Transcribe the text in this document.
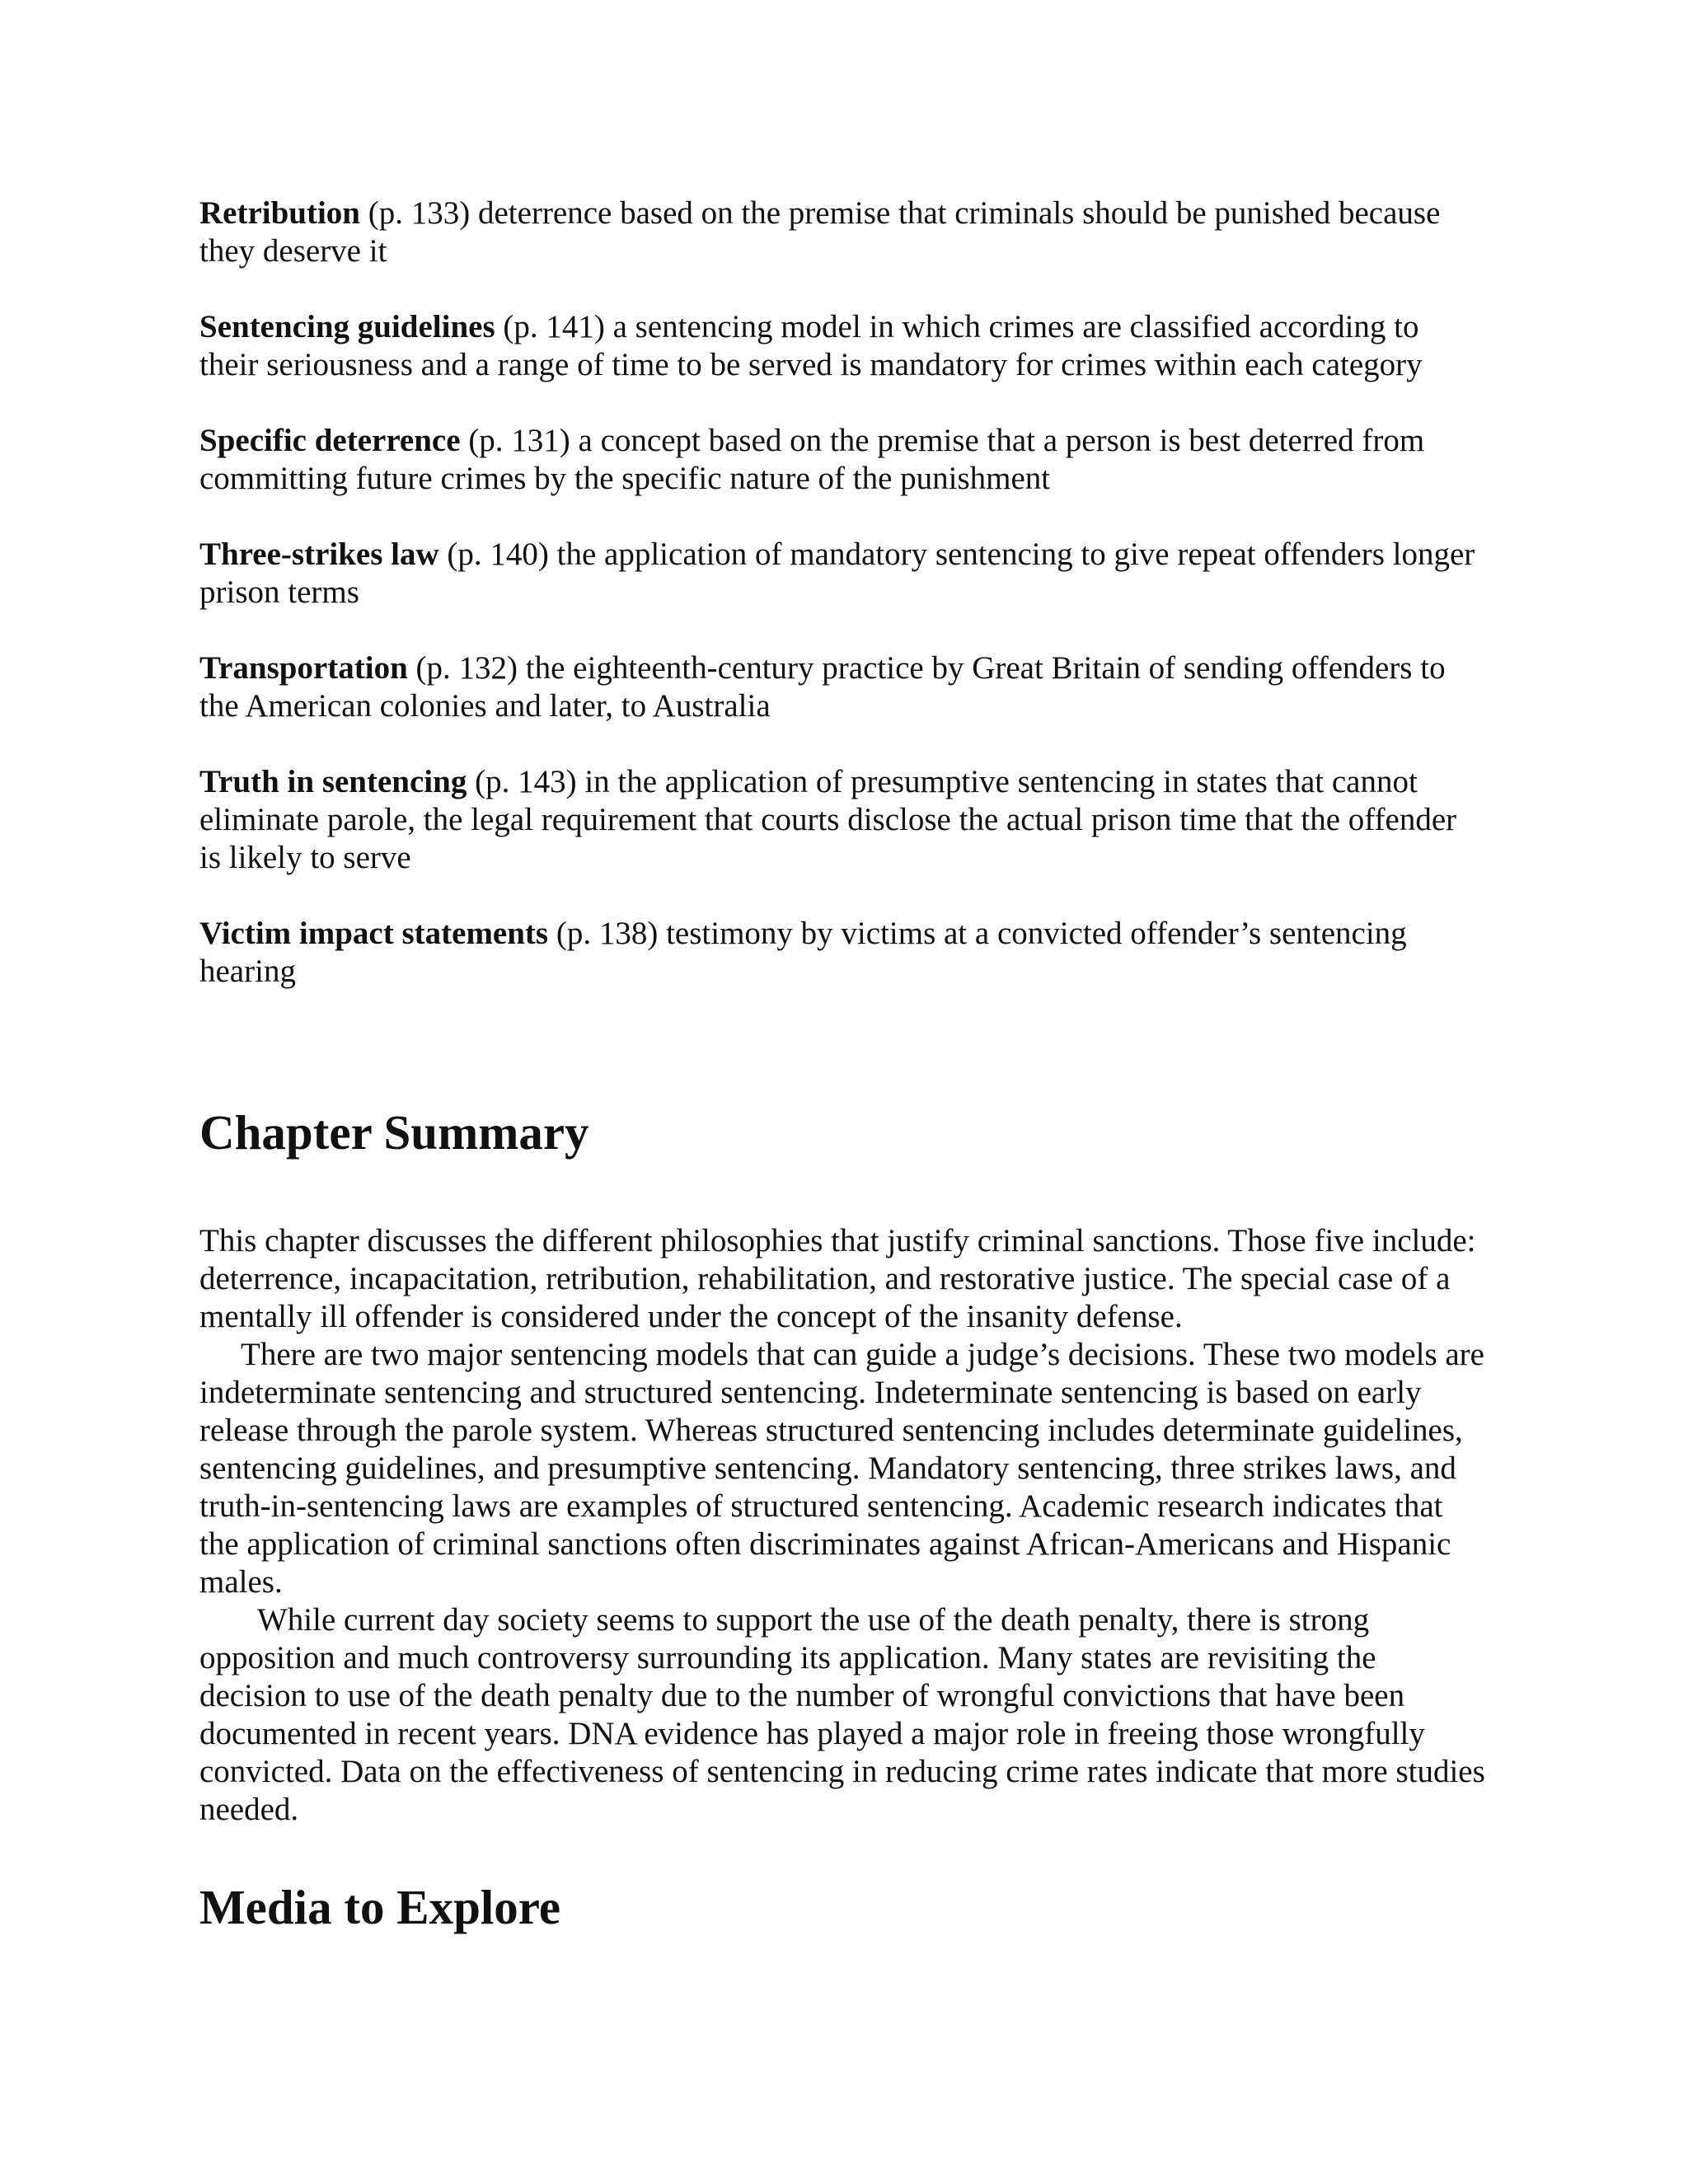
Retribution (p. 133) deterrence based on the premise that criminals should be punished because they deserve it

Sentencing guidelines (p. 141) a sentencing model in which crimes are classified according to their seriousness and a range of time to be served is mandatory for crimes within each category

Specific deterrence (p. 131) a concept based on the premise that a person is best deterred from committing future crimes by the specific nature of the punishment

Three-strikes law (p. 140) the application of mandatory sentencing to give repeat offenders longer prison terms

Transportation (p. 132) the eighteenth-century practice by Great Britain of sending offenders to the American colonies and later, to Australia

Truth in sentencing (p. 143) in the application of presumptive sentencing in states that cannot eliminate parole, the legal requirement that courts disclose the actual prison time that the offender is likely to serve

Victim impact statements (p. 138) testimony by victims at a convicted offender’s sentencing hearing

Chapter Summary

This chapter discusses the different philosophies that justify criminal sanctions. Those five include: deterrence, incapacitation, retribution, rehabilitation, and restorative justice. The special case of a mentally ill offender is considered under the concept of the insanity defense.

There are two major sentencing models that can guide a judge’s decisions. These two models are indeterminate sentencing and structured sentencing. Indeterminate sentencing is based on early release through the parole system. Whereas structured sentencing includes determinate guidelines, sentencing guidelines, and presumptive sentencing. Mandatory sentencing, three strikes laws, and truth-in-sentencing laws are examples of structured sentencing. Academic research indicates that the application of criminal sanctions often discriminates against African-Americans and Hispanic males.

While current day society seems to support the use of the death penalty, there is strong opposition and much controversy surrounding its application. Many states are revisiting the decision to use of the death penalty due to the number of wrongful convictions that have been documented in recent years. DNA evidence has played a major role in freeing those wrongfully convicted. Data on the effectiveness of sentencing in reducing crime rates indicate that more studies needed.

Media to Explore
